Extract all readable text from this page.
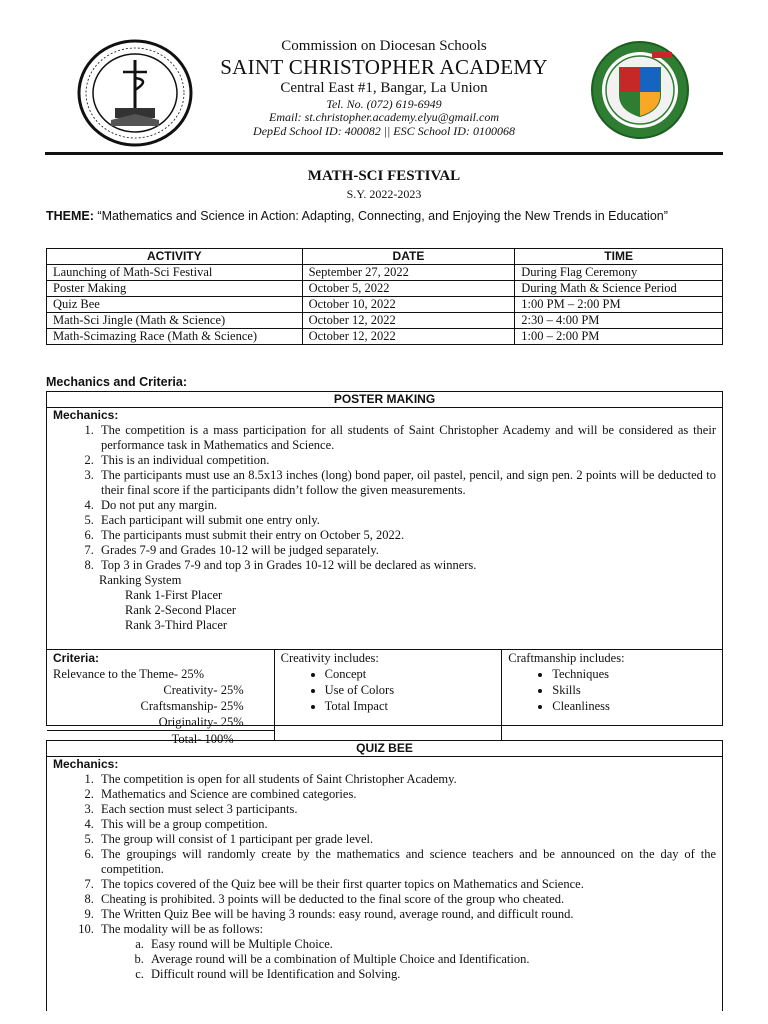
Commission on Diocesan Schools
SAINT CHRISTOPHER ACADEMY
Central East #1, Bangar, La Union
Tel. No. (072) 619-6949
Email: st.christopher.academy.elyu@gmail.com
DepEd School ID: 400082 || ESC School ID: 0100068
MATH-SCI FESTIVAL
S.Y. 2022-2023
THEME: “Mathematics and Science in Action: Adapting, Connecting, and Enjoying the New Trends in Education”
ACTIVITY	DATE	TIME
Launching of Math-Sci Festival	September 27, 2022	During Flag Ceremony
Poster Making	October 5, 2022	During Math & Science Period
Quiz Bee	October 10, 2022	1:00 PM – 2:00 PM
Math-Sci Jingle (Math & Science)	October 12, 2022	2:30 – 4:00 PM
Math-Scimazing Race (Math & Science)	October 12, 2022	1:00 – 2:00 PM
Mechanics and Criteria:
POSTER MAKING
Mechanics:
1. The competition is a mass participation for all students of Saint Christopher Academy and will be considered as their performance task in Mathematics and Science.
2. This is an individual competition.
3. The participants must use an 8.5x13 inches (long) bond paper, oil pastel, pencil, and sign pen. 2 points will be deducted to their final score if the participants didn’t follow the given measurements.
4. Do not put any margin.
5. Each participant will submit one entry only.
6. The participants must submit their entry on October 5, 2022.
7. Grades 7-9 and Grades 10-12 will be judged separately.
8. Top 3 in Grades 7-9 and top 3 in Grades 10-12 will be declared as winners.
Ranking System
Rank 1-First Placer
Rank 2-Second Placer
Rank 3-Third Placer
Criteria:
Relevance to the Theme- 25%
Creativity- 25%
Craftsmanship- 25%
Originality- 25%
Total- 100%
Creativity includes:
• Concept
• Use of Colors
• Total Impact
Craftmanship includes:
• Techniques
• Skills
• Cleanliness
QUIZ BEE
Mechanics:
1. The competition is open for all students of Saint Christopher Academy.
2. Mathematics and Science are combined categories.
3. Each section must select 3 participants.
4. This will be a group competition.
5. The group will consist of 1 participant per grade level.
6. The groupings will randomly create by the mathematics and science teachers and be announced on the day of the competition.
7. The topics covered of the Quiz bee will be their first quarter topics on Mathematics and Science.
8. Cheating is prohibited. 3 points will be deducted to the final score of the group who cheated.
9. The Written Quiz Bee will be having 3 rounds: easy round, average round, and difficult round.
10. The modality will be as follows:
a. Easy round will be Multiple Choice.
b. Average round will be a combination of Multiple Choice and Identification.
c. Difficult round will be Identification and Solving.
